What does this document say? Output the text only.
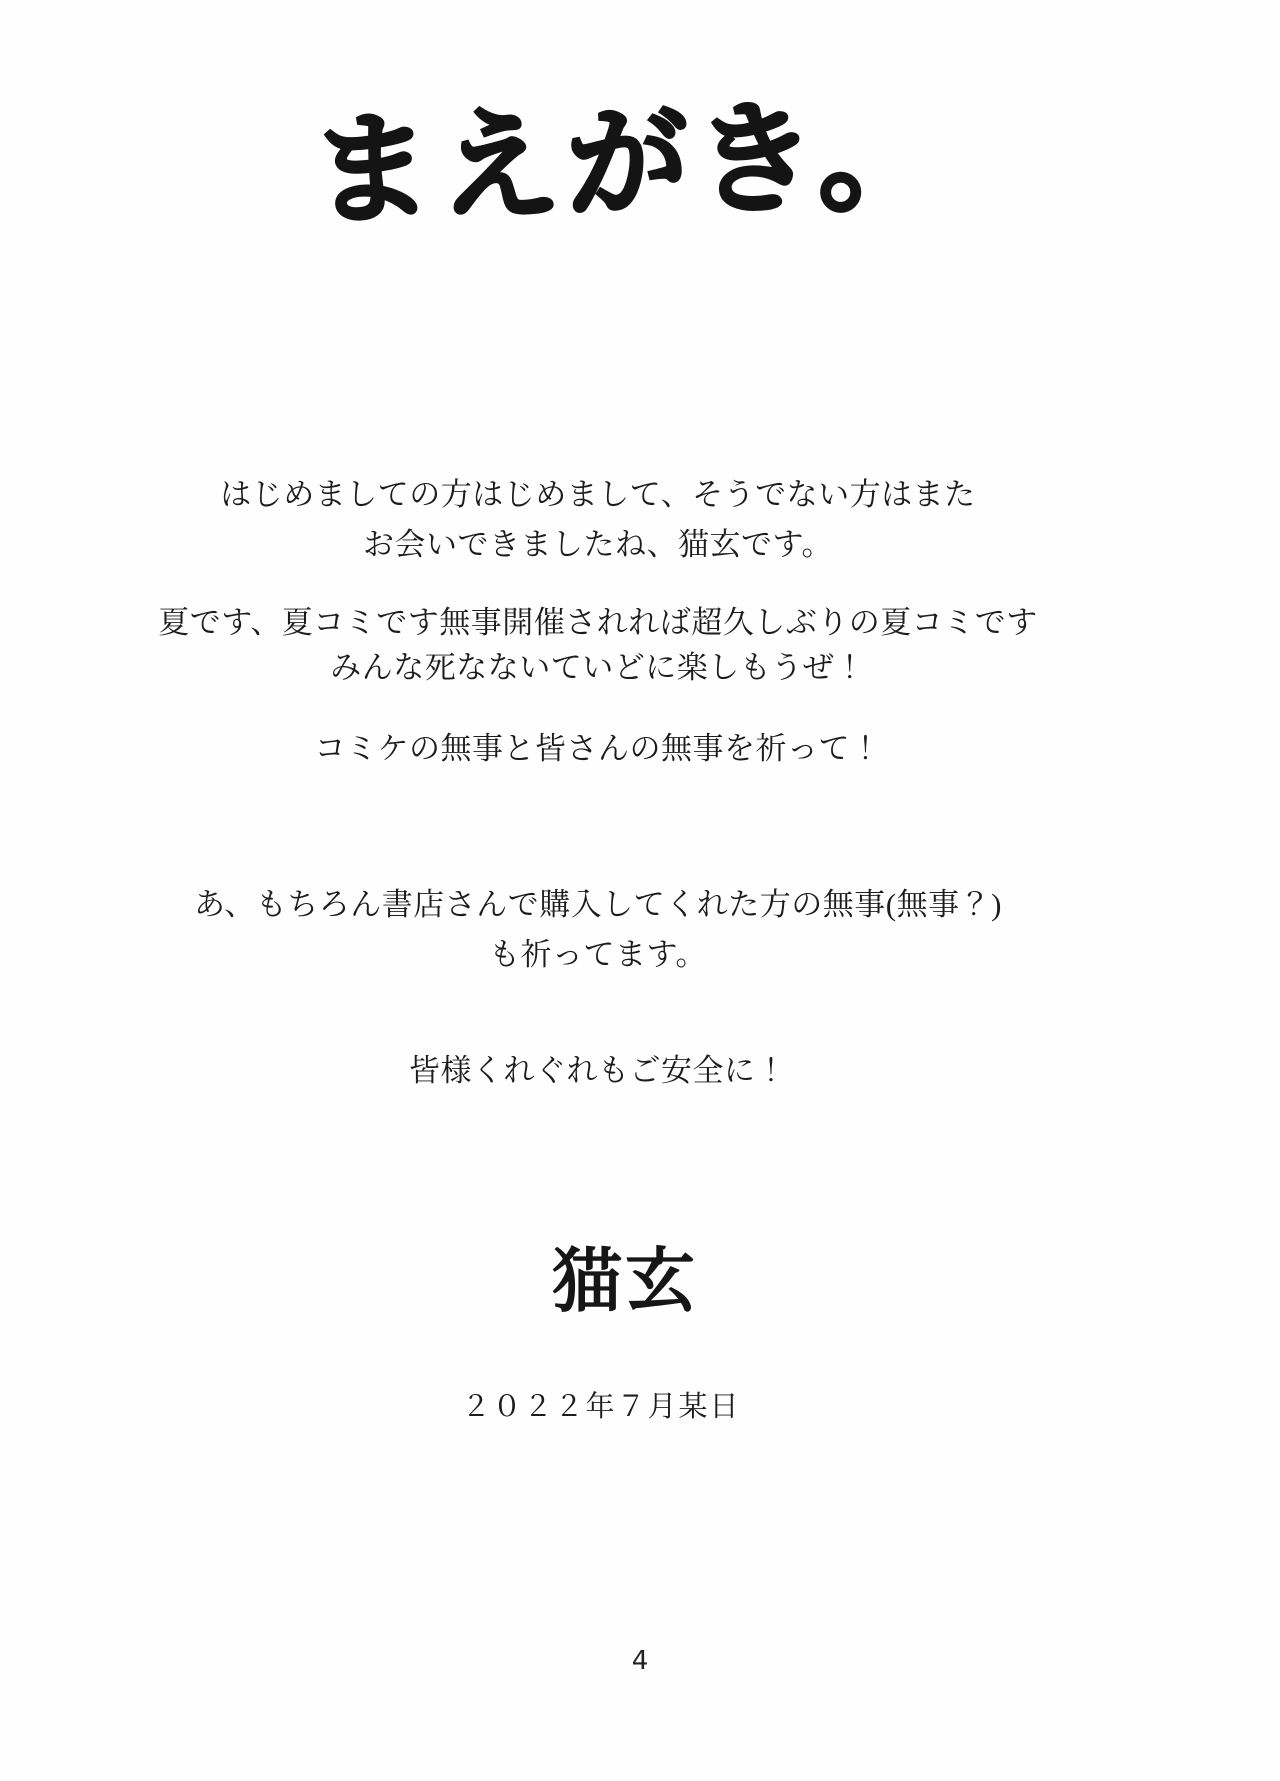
まえがき。
はじめましての方はじめまして、そうでない方はまた
お会いできましたね、猫玄です。
夏です、夏コミです無事開催されれば超久しぶりの夏コミです
みんな死なないていどに楽しもうぜ！
コミケの無事と皆さんの無事を祈って！
あ、もちろん書店さんで購入してくれた方の無事(無事？)
も祈ってます。
皆様くれぐれもご安全に！
猫玄
２０２２年７月某日
4
